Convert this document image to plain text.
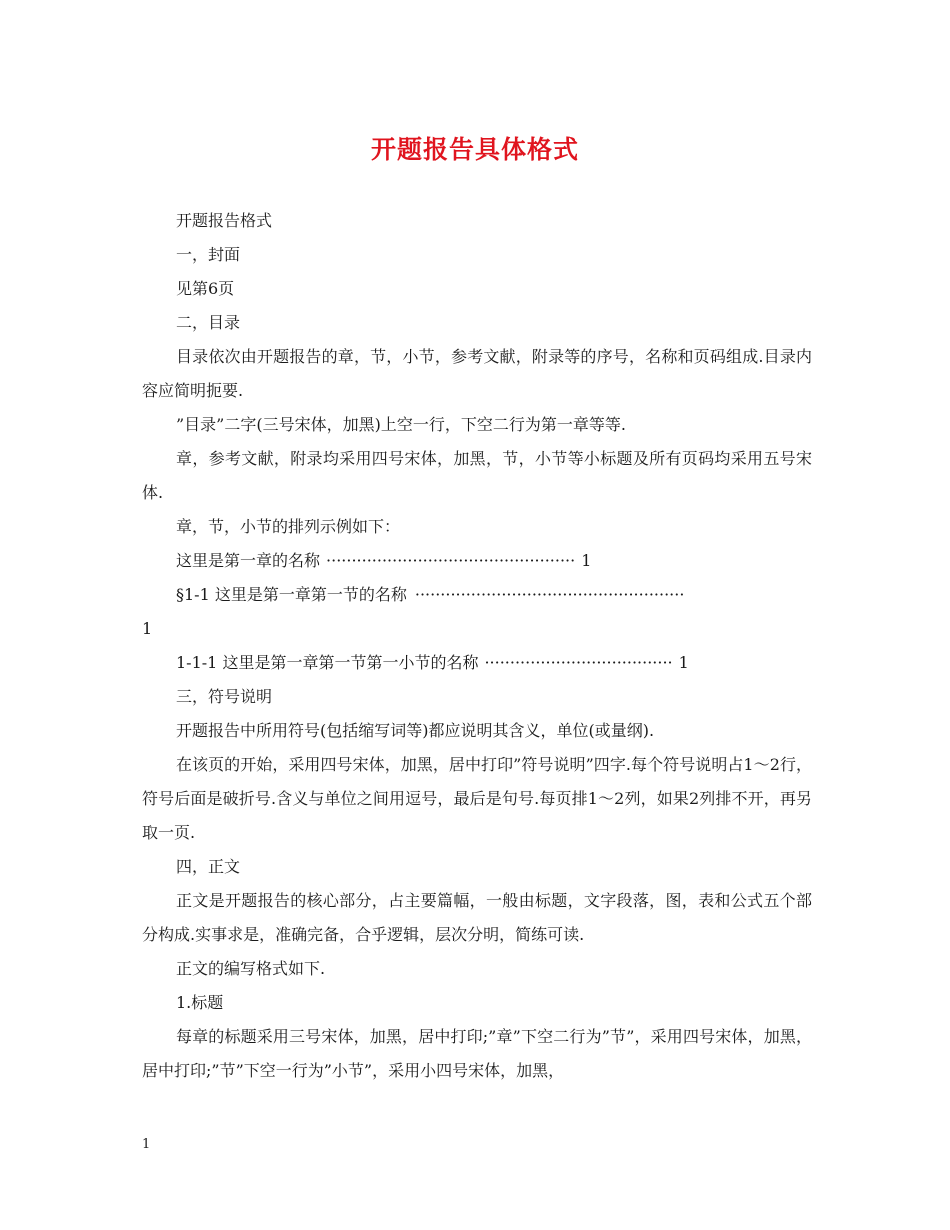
开题报告具体格式

开题报告格式

一，封面

见第6页

二，目录

目录依次由开题报告的章，节，小节，参考文献，附录等的序号，名称和页码组成.目录内容应简明扼要.

”目录”二字(三号宋体，加黑)上空一行，下空二行为第一章等等.

章，参考文献，附录均采用四号宋体，加黑，节，小节等小标题及所有页码均采用五号宋体.

章，节，小节的排列示例如下：

这里是第一章的名称 ················································· 1
§1-1 这里是第一章第一节的名称 ·····················································
1
1-1-1 这里是第一章第一节第一小节的名称 ····································· 1

三，符号说明

开题报告中所用符号(包括缩写词等)都应说明其含义，单位(或量纲).

在该页的开始，采用四号宋体，加黑，居中打印”符号说明”四字.每个符号说明占1～2行，符号后面是破折号.含义与单位之间用逗号，最后是句号.每页排1～2列，如果2列排不开，再另取一页.

四，正文

正文是开题报告的核心部分，占主要篇幅，一般由标题，文字段落，图，表和公式五个部分构成.实事求是，准确完备，合乎逻辑，层次分明，简练可读.

正文的编写格式如下.

1.标题

每章的标题采用三号宋体，加黑，居中打印;”章”下空二行为”节”，采用四号宋体，加黑，居中打印;”节”下空一行为”小节”，采用小四号宋体，加黑，

1
